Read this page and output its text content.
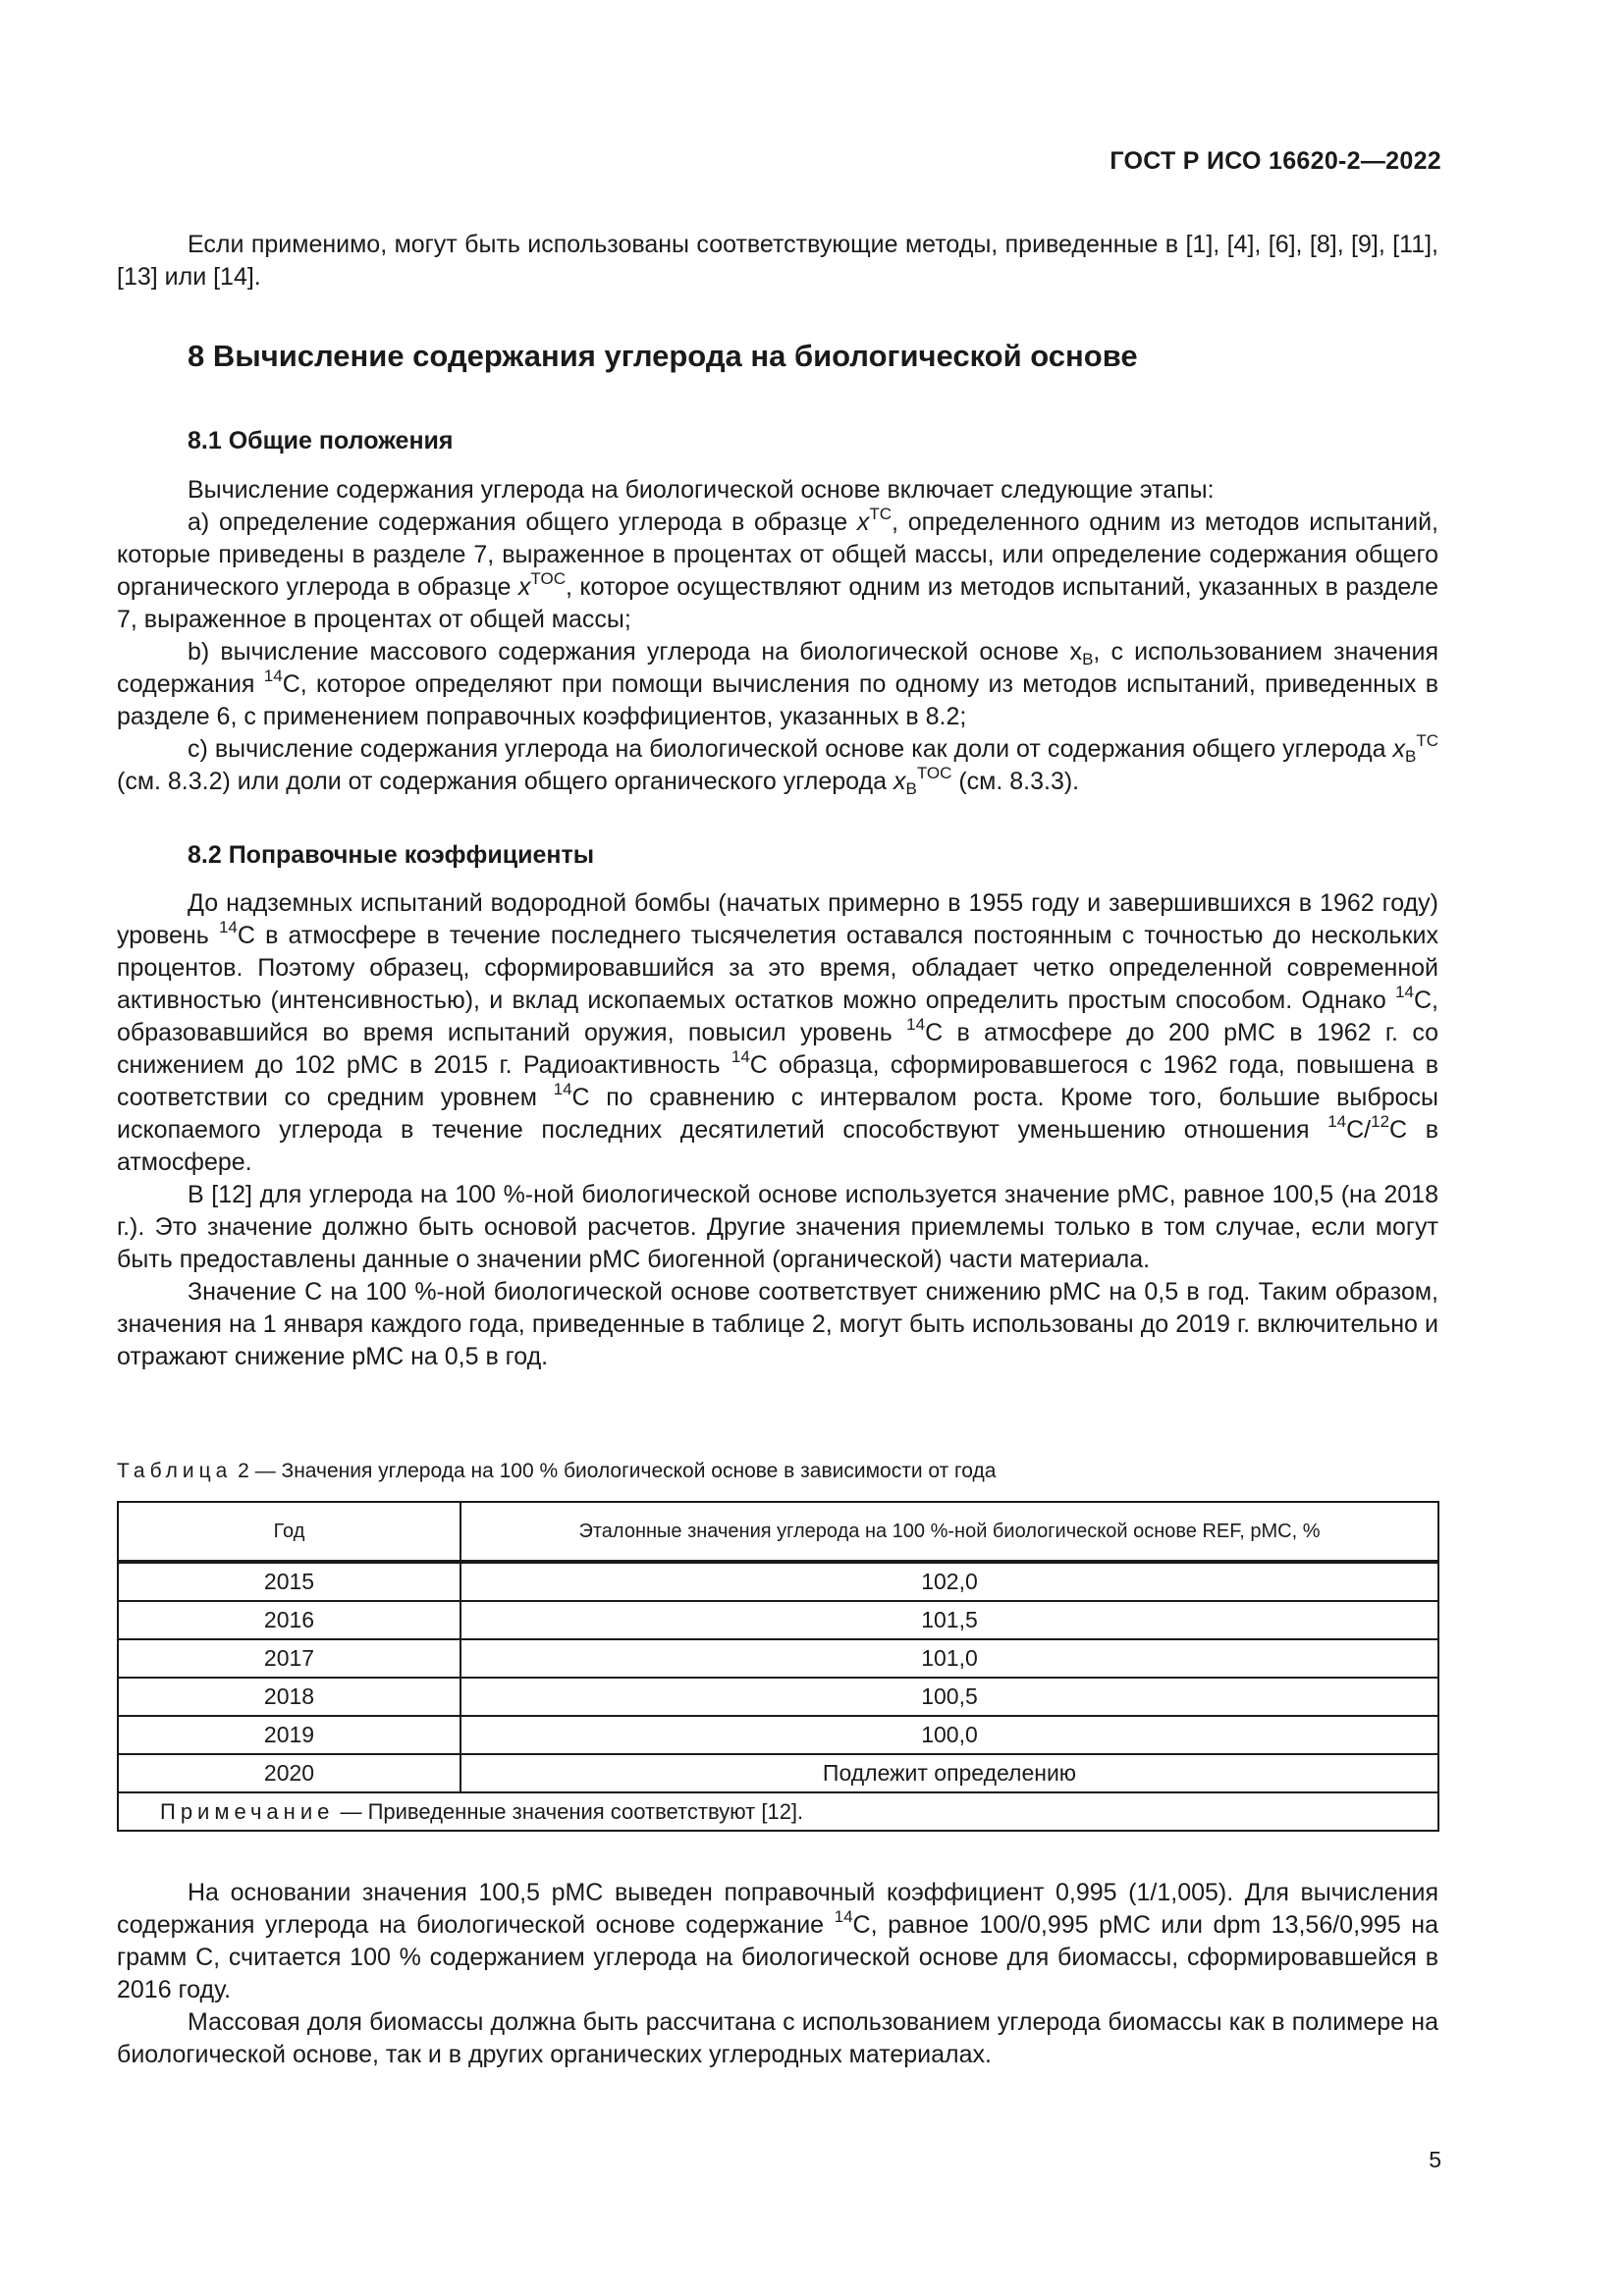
ГОСТ Р ИСО 16620-2—2022

Если применимо, могут быть использованы соответствующие методы, приведенные в [1], [4], [6], [8], [9], [11], [13] или [14].

8 Вычисление содержания углерода на биологической основе
8.1 Общие положения
Вычисление содержания углерода на биологической основе включает следующие этапы:
a) определение содержания общего углерода в образце $x^{TC}$, определенного одним из методов испытаний, которые приведены в разделе 7, выраженное в процентах от общей массы, или определение содержания общего органического углерода в образце $x^{TOC}$, которое осуществляют одним из методов испытаний, указанных в разделе 7, выраженное в процентах от общей массы;
b) вычисление массового содержания углерода на биологической основе $x_B$, с использованием значения содержания $^{14}$C, которое определяют при помощи вычисления по одному из методов испытаний, приведенных в разделе 6, с применением поправочных коэффициентов, указанных в 8.2;
c) вычисление содержания углерода на биологической основе как доли от содержания общего углерода $x_B^{TC}$ (см. 8.3.2) или доли от содержания общего органического углерода $x_B^{TOC}$ (см. 8.3.3).
8.2 Поправочные коэффициенты
До надземных испытаний водородной бомбы (начатых примерно в 1955 году и завершившихся в 1962 году) уровень $^{14}$C в атмосфере в течение последнего тысячелетия оставался постоянным с точностью до нескольких процентов. Поэтому образец, сформировавшийся за это время, обладает четко определенной современной активностью (интенсивностью), и вклад ископаемых остатков можно определить простым способом. Однако $^{14}$C, образовавшийся во время испытаний оружия, повысил уровень $^{14}$C в атмосфере до 200 pMC в 1962 г. со снижением до 102 pMC в 2015 г. Радиоактивность $^{14}$C образца, сформировавшегося с 1962 года, повышена в соответствии со средним уровнем $^{14}$C по сравнению с интервалом роста. Кроме того, большие выбросы ископаемого углерода в течение последних десятилетий способствуют уменьшению отношения $^{14}$C/$^{12}$C в атмосфере.
В [12] для углерода на 100 %-ной биологической основе используется значение pMC, равное 100,5 (на 2018 г.). Это значение должно быть основой расчетов. Другие значения приемлемы только в том случае, если могут быть предоставлены данные о значении pMC биогенной (органической) части материала.
Значение C на 100 %-ной биологической основе соответствует снижению pMC на 0,5 в год. Таким образом, значения на 1 января каждого года, приведенные в таблице 2, могут быть использованы до 2019 г. включительно и отражают снижение pMC на 0,5 в год.
Таблица 2 — Значения углерода на 100 % биологической основе в зависимости от года
Год	Эталонные значения углерода на 100 %-ной биологической основе REF, pMC, %
2015	102,0
2016	101,5
2017	101,0
2018	100,5
2019	100,0
2020	Подлежит определению
Примечание — Приведенные значения соответствуют [12].	
На основании значения 100,5 pMC выведен поправочный коэффициент 0,995 (1/1,005). Для вычисления содержания углерода на биологической основе содержание $^{14}$C, равное 100/0,995 pMC или dpm 13,56/0,995 на грамм C, считается 100 % содержанием углерода на биологической основе для биомассы, сформировавшейся в 2016 году.
Массовая доля биомассы должна быть рассчитана с использованием углерода биомассы как в полимере на биологической основе, так и в других органических углеродных материалах.
5
